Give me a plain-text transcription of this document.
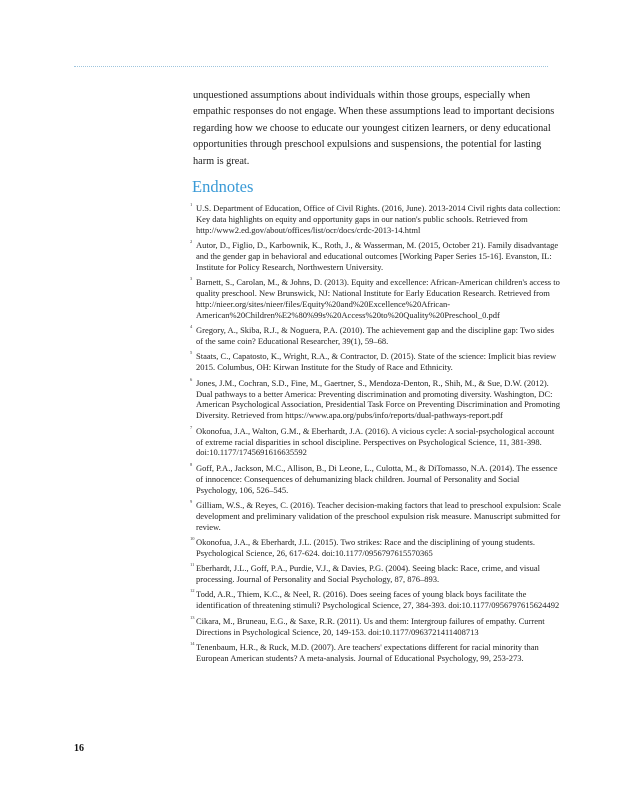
unquestioned assumptions about individuals within those groups, especially when empathic responses do not engage. When these assumptions lead to important decisions regarding how we choose to educate our youngest citizen learners, or deny educational opportunities through preschool expulsions and suspensions, the potential for lasting harm is great.

Endnotes
1 U.S. Department of Education, Office of Civil Rights. (2016, June). 2013-2014 Civil rights data collection: Key data highlights on equity and opportunity gaps in our nation's public schools. Retrieved from http://www2.ed.gov/about/offices/list/ocr/docs/crdc-2013-14.html
2 Autor, D., Figlio, D., Karbownik, K., Roth, J., & Wasserman, M. (2015, October 21). Family disadvantage and the gender gap in behavioral and educational outcomes [Working Paper Series 15-16]. Evanston, IL: Institute for Policy Research, Northwestern University.
3 Barnett, S., Carolan, M., & Johns, D. (2013). Equity and excellence: African-American children's access to quality preschool. New Brunswick, NJ: National Institute for Early Education Research. Retrieved from http://nieer.org/sites/nieer/files/Equity%20and%20Excellence%20African-American%20Children%E2%80%99s%20Access%20to%20Quality%20Preschool_0.pdf
4 Gregory, A., Skiba, R.J., & Noguera, P.A. (2010). The achievement gap and the discipline gap: Two sides of the same coin? Educational Researcher, 39(1), 59–68.
5 Staats, C., Capatosto, K., Wright, R.A., & Contractor, D. (2015). State of the science: Implicit bias review 2015. Columbus, OH: Kirwan Institute for the Study of Race and Ethnicity.
6 Jones, J.M., Cochran, S.D., Fine, M., Gaertner, S., Mendoza-Denton, R., Shih, M., & Sue, D.W. (2012). Dual pathways to a better America: Preventing discrimination and promoting diversity. Washington, DC: American Psychological Association, Presidential Task Force on Preventing Discrimination and Promoting Diversity. Retrieved from https://www.apa.org/pubs/info/reports/dual-pathways-report.pdf
7 Okonofua, J.A., Walton, G.M., & Eberhardt, J.A. (2016). A vicious cycle: A social-psychological account of extreme racial disparities in school discipline. Perspectives on Psychological Science, 11, 381-398. doi:10.1177/1745691616635592
8 Goff, P.A., Jackson, M.C., Allison, B., Di Leone, L., Culotta, M., & DiTomasso, N.A. (2014). The essence of innocence: Consequences of dehumanizing black children. Journal of Personality and Social Psychology, 106, 526–545.
9 Gilliam, W.S., & Reyes, C. (2016). Teacher decision-making factors that lead to preschool expulsion: Scale development and preliminary validation of the preschool expulsion risk measure. Manuscript submitted for review.
10 Okonofua, J.A., & Eberhardt, J.L. (2015). Two strikes: Race and the disciplining of young students. Psychological Science, 26, 617-624. doi:10.1177/0956797615570365
11 Eberhardt, J.L., Goff, P.A., Purdie, V.J., & Davies, P.G. (2004). Seeing black: Race, crime, and visual processing. Journal of Personality and Social Psychology, 87, 876–893.
12 Todd, A.R., Thiem, K.C., & Neel, R. (2016). Does seeing faces of young black boys facilitate the identification of threatening stimuli? Psychological Science, 27, 384-393. doi:10.1177/0956797615624492
13 Cikara, M., Bruneau, E.G., & Saxe, R.R. (2011). Us and them: Intergroup failures of empathy. Current Directions in Psychological Science, 20, 149-153. doi:10.1177/0963721411408713
14 Tenenbaum, H.R., & Ruck, M.D. (2007). Are teachers' expectations different for racial minority than European American students? A meta-analysis. Journal of Educational Psychology, 99, 253-273.
16
